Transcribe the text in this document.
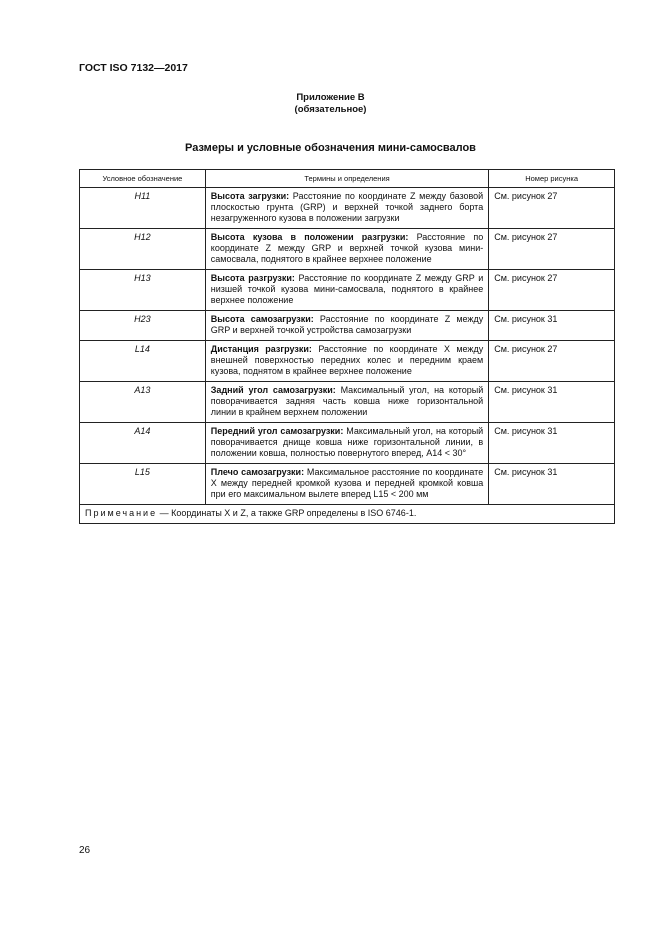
ГОСТ ISO 7132—2017
Приложение В
(обязательное)
Размеры и условные обозначения мини-самосвалов
Условное обозначение	Термины и определения	Номер рисунка
H11	Высота загрузки: Расстояние по координате Z между базовой плоскостью грунта (GRP) и верхней точкой заднего борта незагруженного кузова в положении загрузки	См. рисунок 27
H12	Высота кузова в положении разгрузки: Расстояние по координате Z между GRP и верхней точкой кузова мини-самосвала, поднятого в крайнее верхнее положение	См. рисунок 27
H13	Высота разгрузки: Расстояние по координате Z между GRP и низшей точкой кузова мини-самосвала, поднятого в крайнее верхнее положение	См. рисунок 27
H23	Высота самозагрузки: Расстояние по координате Z между GRP и верхней точкой устройства самозагрузки	См. рисунок 31
L14	Дистанция разгрузки: Расстояние по координате X между внешней поверхностью передних колес и передним краем кузова, поднятом в крайнее верхнее положение	См. рисунок 27
A13	Задний угол самозагрузки: Максимальный угол, на который поворачивается задняя часть ковша ниже горизонтальной линии в крайнем верхнем положении	См. рисунок 31
A14	Передний угол самозагрузки: Максимальный угол, на который поворачивается днище ковша ниже горизонтальной линии, в положении ковша, полностью повернутого вперед, A14 < 30°	См. рисунок 31
L15	Плечо самозагрузки: Максимальное расстояние по координате X между передней кромкой кузова и передней кромкой ковша при его максимальном вылете вперед L15 < 200 мм	См. рисунок 31
Примечание — Координаты X и Z, а также GRP определены в ISO 6746-1.		
26
